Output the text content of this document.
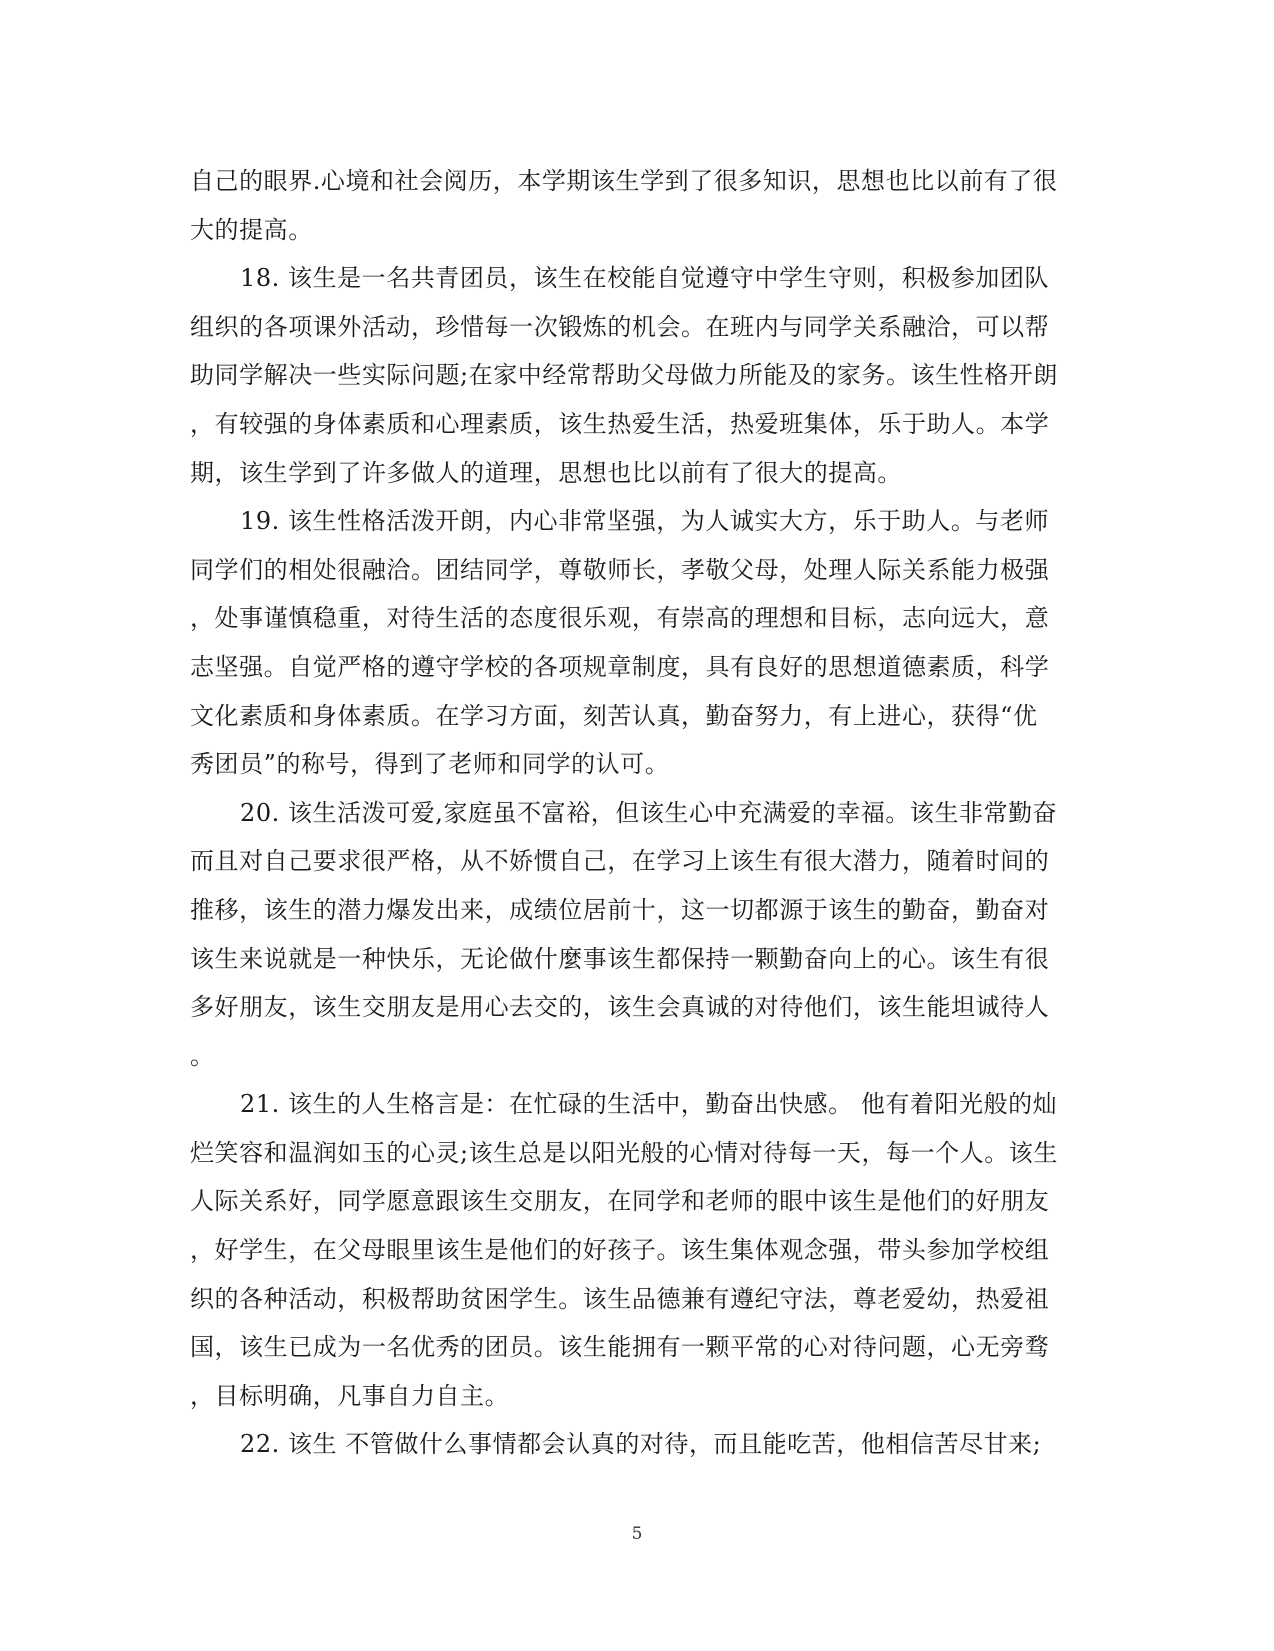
自己的眼界.心境和社会阅历，本学期该生学到了很多知识，思想也比以前有了很
大的提高。
18. 该生是一名共青团员，该生在校能自觉遵守中学生守则，积极参加团队
组织的各项课外活动，珍惜每一次锻炼的机会。在班内与同学关系融洽，可以帮
助同学解决一些实际问题;在家中经常帮助父母做力所能及的家务。该生性格开朗
，有较强的身体素质和心理素质，该生热爱生活，热爱班集体，乐于助人。本学
期，该生学到了许多做人的道理，思想也比以前有了很大的提高。
19. 该生性格活泼开朗，内心非常坚强，为人诚实大方，乐于助人。与老师
同学们的相处很融洽。团结同学，尊敬师长，孝敬父母，处理人际关系能力极强
，处事谨慎稳重，对待生活的态度很乐观，有崇高的理想和目标，志向远大，意
志坚强。自觉严格的遵守学校的各项规章制度，具有良好的思想道德素质，科学
文化素质和身体素质。在学习方面，刻苦认真，勤奋努力，有上进心，获得“优
秀团员”的称号，得到了老师和同学的认可。
20. 该生活泼可爱,家庭虽不富裕，但该生心中充满爱的幸福。该生非常勤奋
而且对自己要求很严格，从不娇惯自己，在学习上该生有很大潜力，随着时间的
推移，该生的潜力爆发出来，成绩位居前十，这一切都源于该生的勤奋，勤奋对
该生来说就是一种快乐，无论做什麼事该生都保持一颗勤奋向上的心。该生有很
多好朋友，该生交朋友是用心去交的，该生会真诚的对待他们，该生能坦诚待人
。
21. 该生的人生格言是：在忙碌的生活中，勤奋出快感。 他有着阳光般的灿
烂笑容和温润如玉的心灵;该生总是以阳光般的心情对待每一天，每一个人。该生
人际关系好，同学愿意跟该生交朋友，在同学和老师的眼中该生是他们的好朋友
，好学生，在父母眼里该生是他们的好孩子。该生集体观念强，带头参加学校组
织的各种活动，积极帮助贫困学生。该生品德兼有遵纪守法，尊老爱幼，热爱祖
国，该生已成为一名优秀的团员。该生能拥有一颗平常的心对待问题，心无旁骛
，目标明确，凡事自力自主。
22. 该生 不管做什么事情都会认真的对待，而且能吃苦，他相信苦尽甘来;
5
